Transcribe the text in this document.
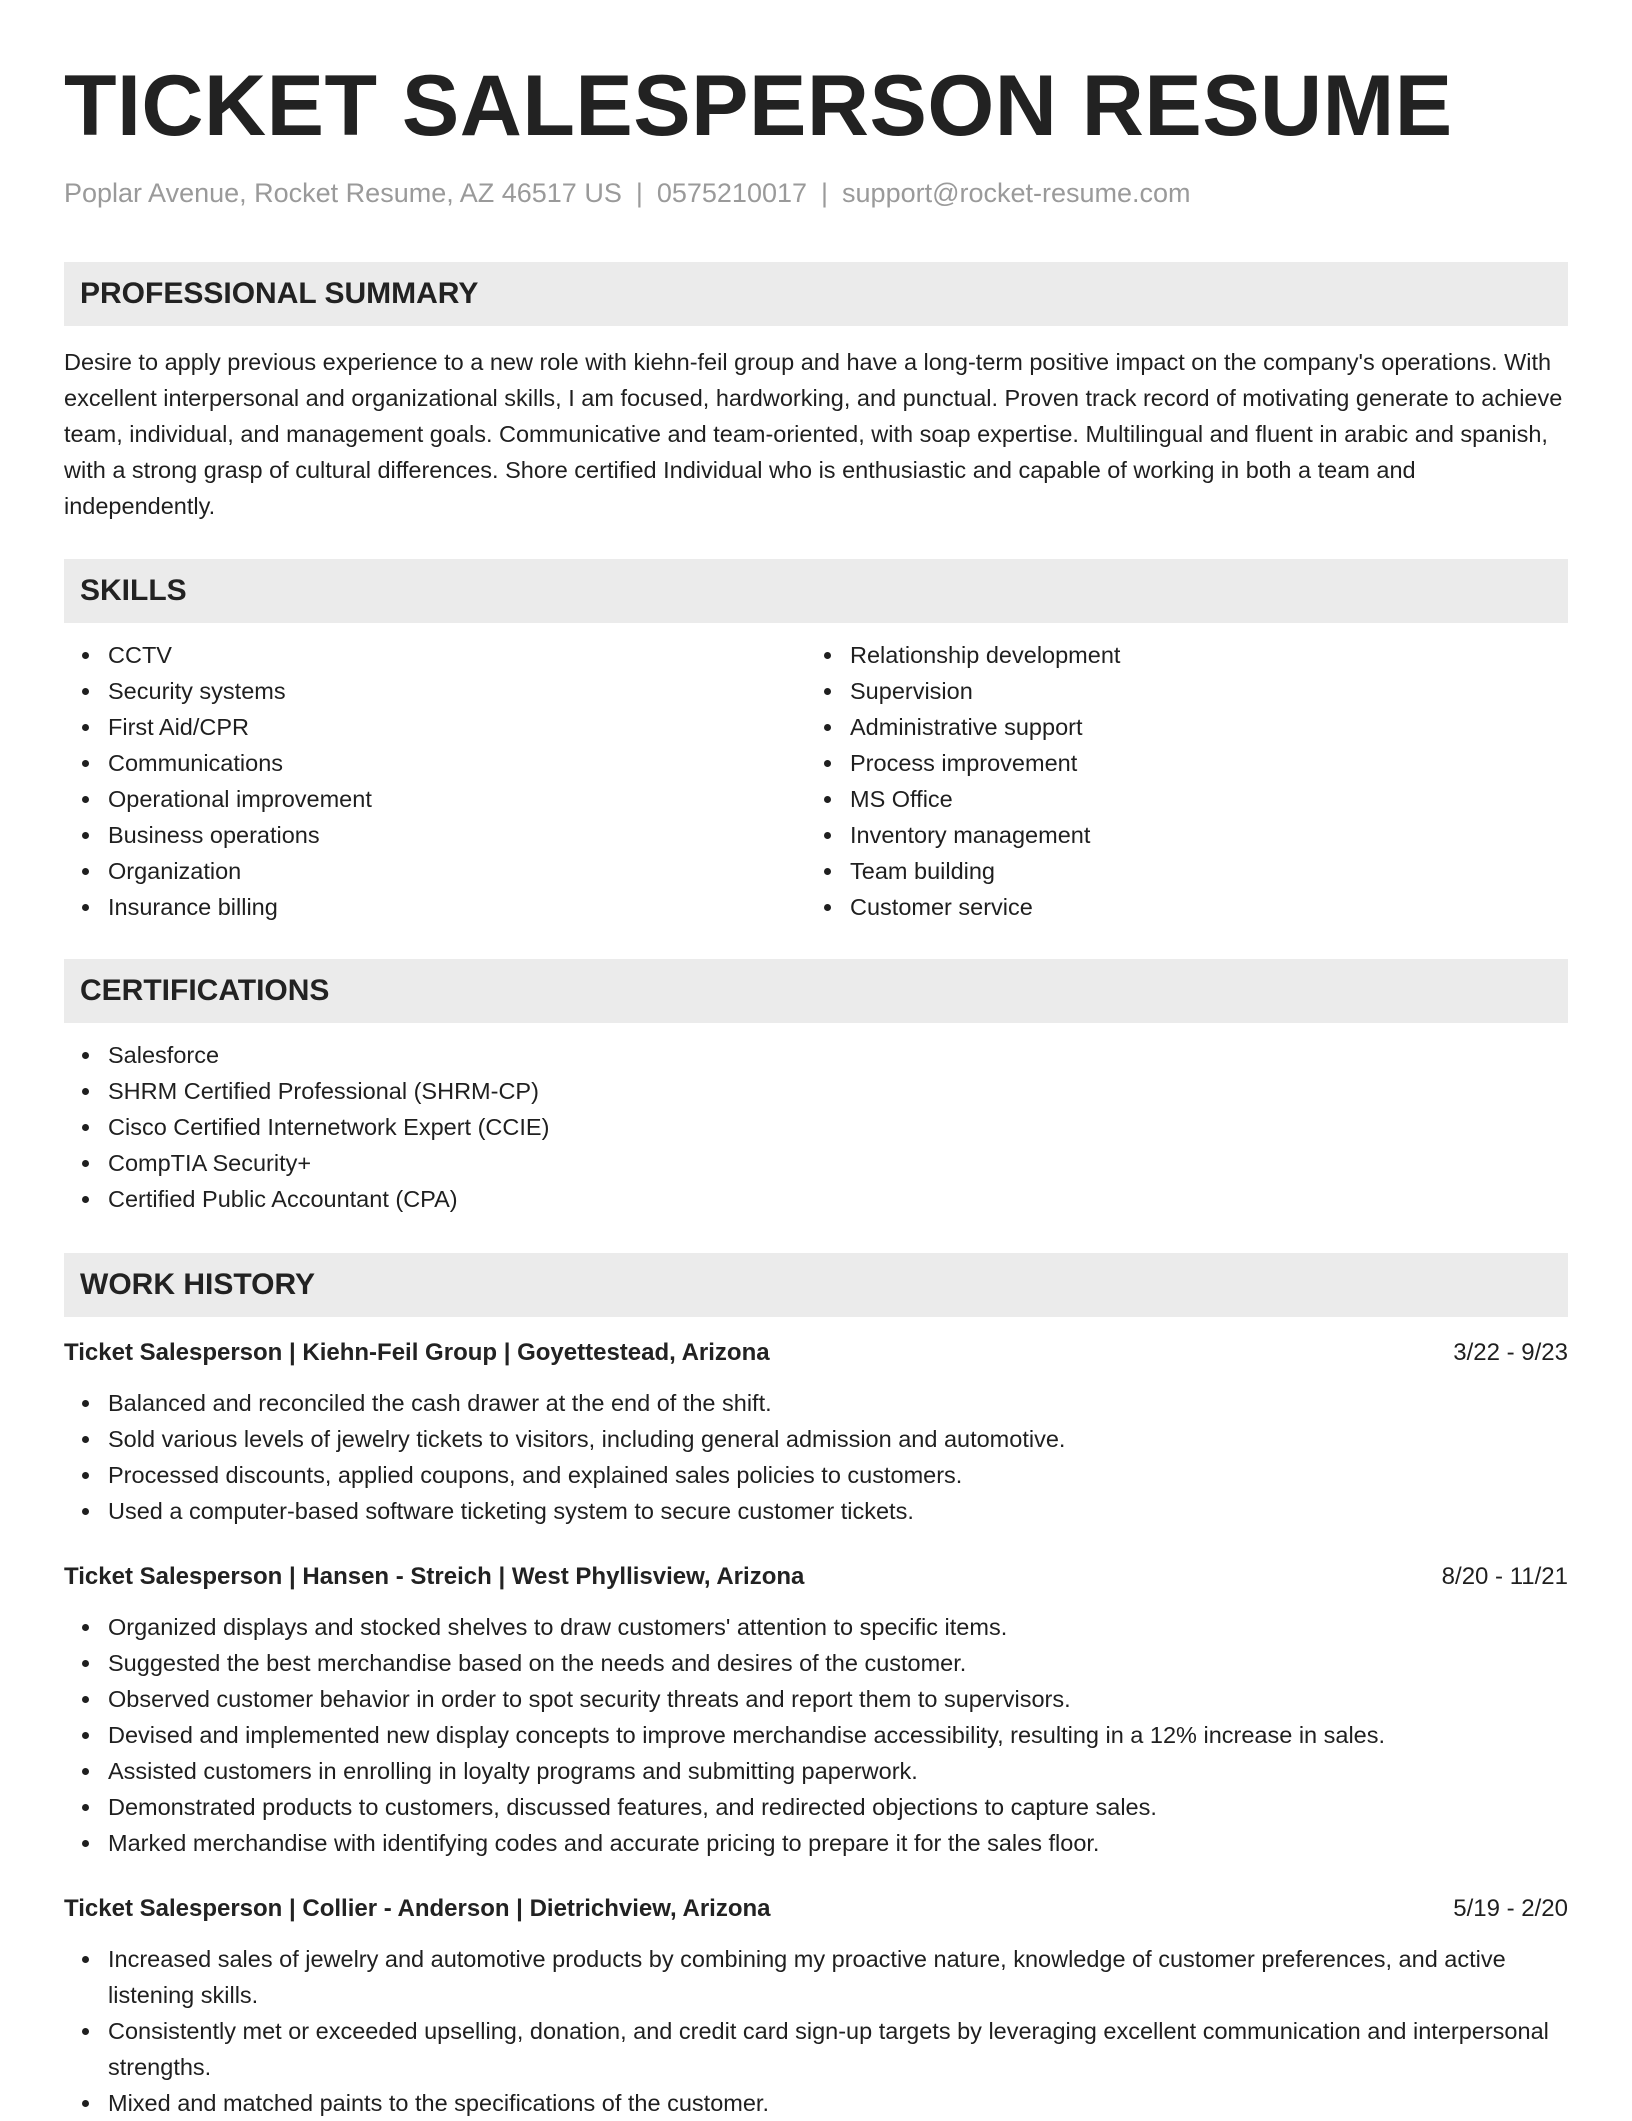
TICKET SALESPERSON RESUME
Poplar Avenue, Rocket Resume, AZ 46517 US | 0575210017 | support@rocket-resume.com
PROFESSIONAL SUMMARY
Desire to apply previous experience to a new role with kiehn-feil group and have a long-term positive impact on the company's operations. With excellent interpersonal and organizational skills, I am focused, hardworking, and punctual. Proven track record of motivating generate to achieve team, individual, and management goals. Communicative and team-oriented, with soap expertise. Multilingual and fluent in arabic and spanish, with a strong grasp of cultural differences. Shore certified Individual who is enthusiastic and capable of working in both a team and independently.
SKILLS
CCTV
Security systems
First Aid/CPR
Communications
Operational improvement
Business operations
Organization
Insurance billing
Relationship development
Supervision
Administrative support
Process improvement
MS Office
Inventory management
Team building
Customer service
CERTIFICATIONS
Salesforce
SHRM Certified Professional (SHRM-CP)
Cisco Certified Internetwork Expert (CCIE)
CompTIA Security+
Certified Public Accountant (CPA)
WORK HISTORY
Ticket Salesperson | Kiehn-Feil Group | Goyettestead, Arizona	3/22 - 9/23
Balanced and reconciled the cash drawer at the end of the shift.
Sold various levels of jewelry tickets to visitors, including general admission and automotive.
Processed discounts, applied coupons, and explained sales policies to customers.
Used a computer-based software ticketing system to secure customer tickets.
Ticket Salesperson | Hansen - Streich | West Phyllisview, Arizona	8/20 - 11/21
Organized displays and stocked shelves to draw customers' attention to specific items.
Suggested the best merchandise based on the needs and desires of the customer.
Observed customer behavior in order to spot security threats and report them to supervisors.
Devised and implemented new display concepts to improve merchandise accessibility, resulting in a 12% increase in sales.
Assisted customers in enrolling in loyalty programs and submitting paperwork.
Demonstrated products to customers, discussed features, and redirected objections to capture sales.
Marked merchandise with identifying codes and accurate pricing to prepare it for the sales floor.
Ticket Salesperson | Collier - Anderson | Dietrichview, Arizona	5/19 - 2/20
Increased sales of jewelry and automotive products by combining my proactive nature, knowledge of customer preferences, and active listening skills.
Consistently met or exceeded upselling, donation, and credit card sign-up targets by leveraging excellent communication and interpersonal strengths.
Mixed and matched paints to the specifications of the customer.
